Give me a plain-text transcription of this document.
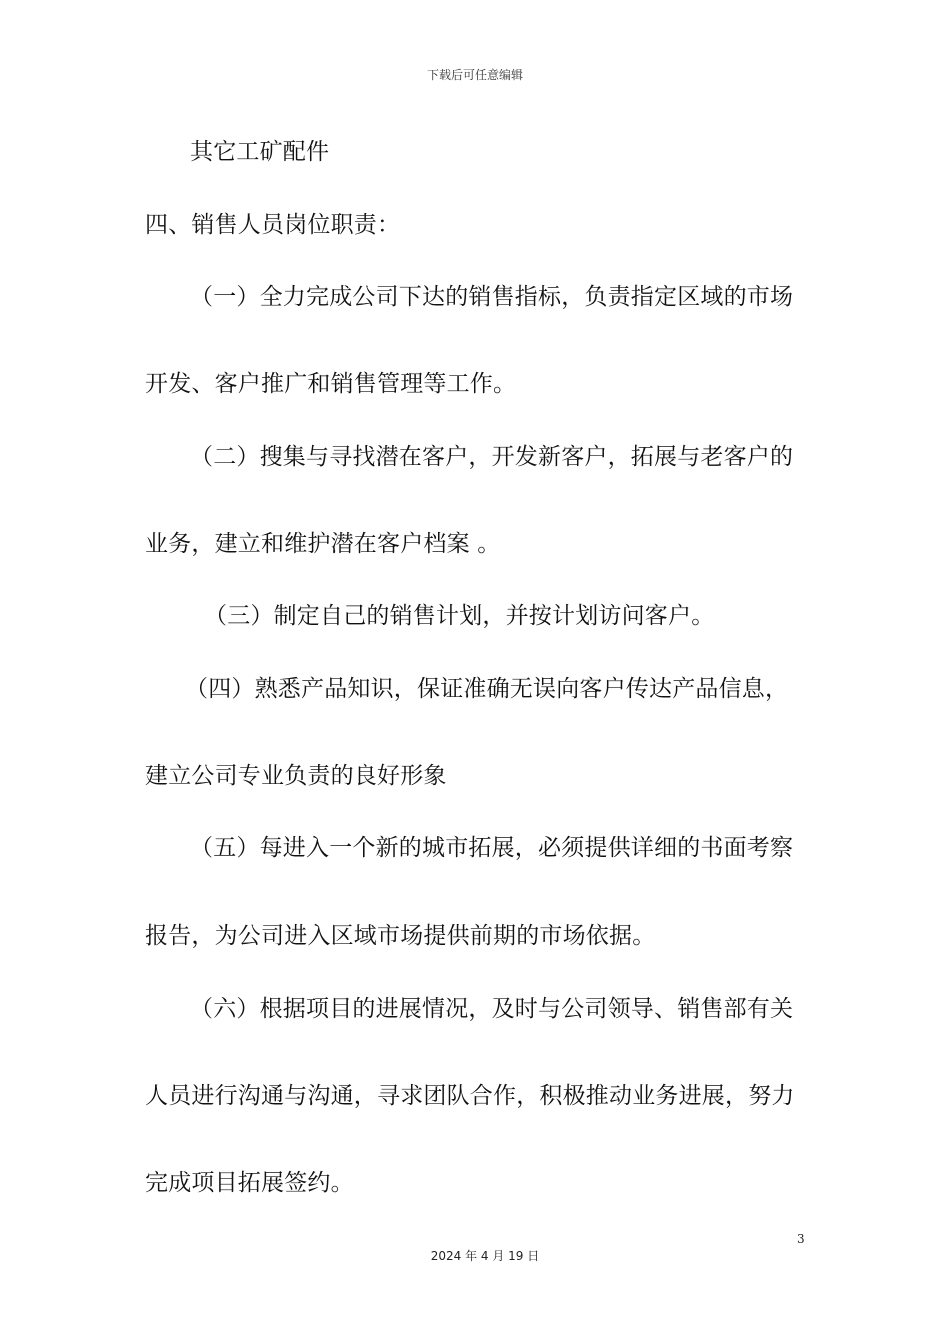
下载后可任意编辑
其它工矿配件
四、销售人员岗位职责：
（一）全力完成公司下达的销售指标，负责指定区域的市场
开发、客户推广和销售管理等工作。
（二）搜集与寻找潜在客户，开发新客户，拓展与老客户的
业务，建立和维护潜在客户档案 。
（三）制定自己的销售计划，并按计划访问客户。
（四）熟悉产品知识，保证准确无误向客户传达产品信息，
建立公司专业负责的良好形象
（五）每进入一个新的城市拓展，必须提供详细的书面考察
报告，为公司进入区域市场提供前期的市场依据。
（六）根据项目的进展情况，及时与公司领导、销售部有关
人员进行沟通与沟通，寻求团队合作，积极推动业务进展，努力
完成项目拓展签约。
3
2024 年 4 月 19 日
